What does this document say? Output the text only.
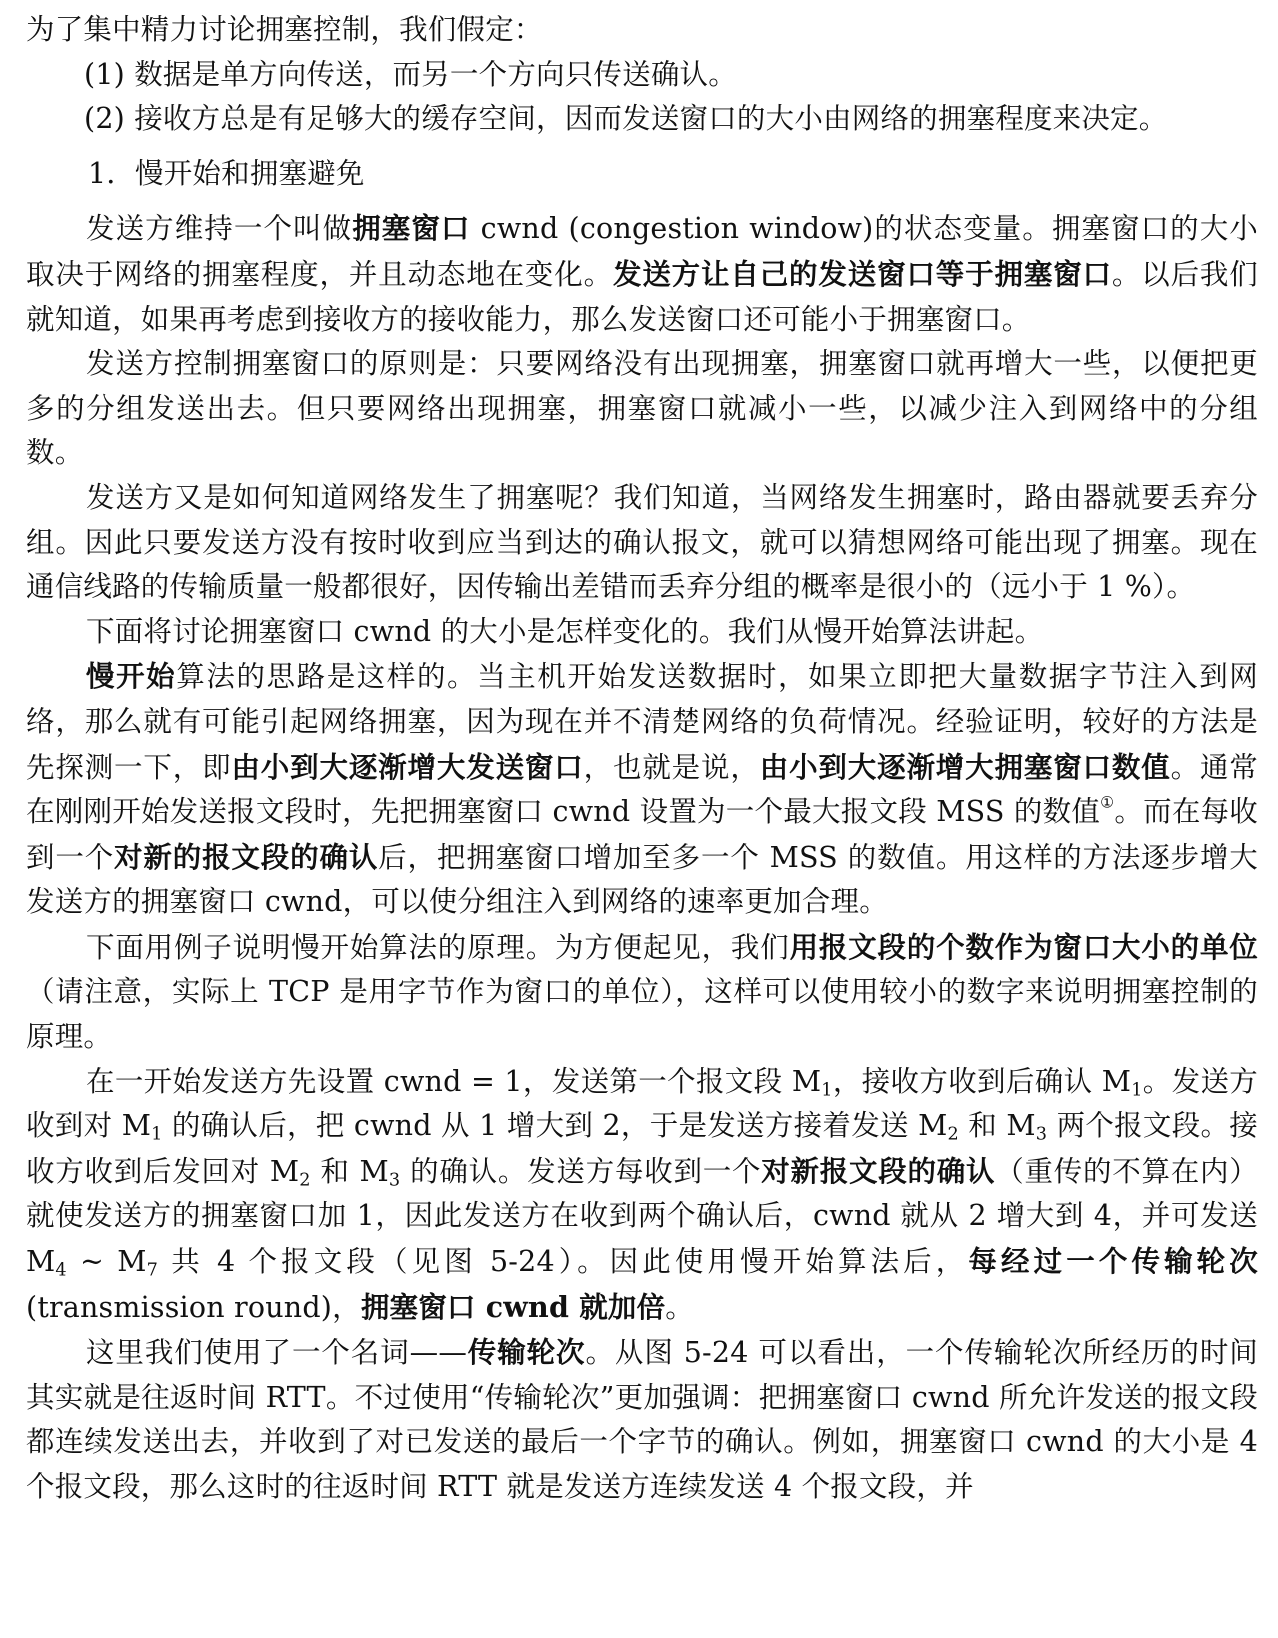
为了集中精力讨论拥塞控制，我们假定：

(1) 数据是单方向传送，而另一个方向只传送确认。

(2) 接收方总是有足够大的缓存空间，因而发送窗口的大小由网络的拥塞程度来决定。

1．慢开始和拥塞避免

发送方维持一个叫做拥塞窗口 cwnd (congestion window)的状态变量。拥塞窗口的大小取决于网络的拥塞程度，并且动态地在变化。发送方让自己的发送窗口等于拥塞窗口。以后我们就知道，如果再考虑到接收方的接收能力，那么发送窗口还可能小于拥塞窗口。

发送方控制拥塞窗口的原则是：只要网络没有出现拥塞，拥塞窗口就再增大一些，以便把更多的分组发送出去。但只要网络出现拥塞，拥塞窗口就减小一些，以减少注入到网络中的分组数。

发送方又是如何知道网络发生了拥塞呢？我们知道，当网络发生拥塞时，路由器就要丢弃分组。因此只要发送方没有按时收到应当到达的确认报文，就可以猜想网络可能出现了拥塞。现在通信线路的传输质量一般都很好，因传输出差错而丢弃分组的概率是很小的（远小于 1 %）。

下面将讨论拥塞窗口 cwnd 的大小是怎样变化的。我们从慢开始算法讲起。

慢开始算法的思路是这样的。当主机开始发送数据时，如果立即把大量数据字节注入到网络，那么就有可能引起网络拥塞，因为现在并不清楚网络的负荷情况。经验证明，较好的方法是先探测一下，即由小到大逐渐增大发送窗口，也就是说，由小到大逐渐增大拥塞窗口数值。通常在刚刚开始发送报文段时，先把拥塞窗口 cwnd 设置为一个最大报文段 MSS 的数值①。而在每收到一个对新的报文段的确认后，把拥塞窗口增加至多一个 MSS 的数值。用这样的方法逐步增大发送方的拥塞窗口 cwnd，可以使分组注入到网络的速率更加合理。

下面用例子说明慢开始算法的原理。为方便起见，我们用报文段的个数作为窗口大小的单位（请注意，实际上 TCP 是用字节作为窗口的单位），这样可以使用较小的数字来说明拥塞控制的原理。

在一开始发送方先设置 cwnd = 1，发送第一个报文段 $M_1$，接收方收到后确认 $M_1$。发送方收到对 $M_1$ 的确认后，把 cwnd 从 1 增大到 2，于是发送方接着发送 $M_2$ 和 $M_3$ 两个报文段。接收方收到后发回对 $M_2$ 和 $M_3$ 的确认。发送方每收到一个对新报文段的确认（重传的不算在内）就使发送方的拥塞窗口加 1，因此发送方在收到两个确认后，cwnd 就从 2 增大到 4，并可发送 $M_4$ ~ $M_7$ 共 4 个报文段（见图 5-24）。因此使用慢开始算法后，每经过一个传输轮次(transmission round)，拥塞窗口 cwnd 就加倍。

这里我们使用了一个名词——传输轮次。从图 5-24 可以看出，一个传输轮次所经历的时间其实就是往返时间 RTT。不过使用“传输轮次”更加强调：把拥塞窗口 cwnd 所允许发送的报文段都连续发送出去，并收到了对已发送的最后一个字节的确认。例如，拥塞窗口 cwnd 的大小是 4 个报文段，那么这时的往返时间 RTT 就是发送方连续发送 4 个报文段，并
